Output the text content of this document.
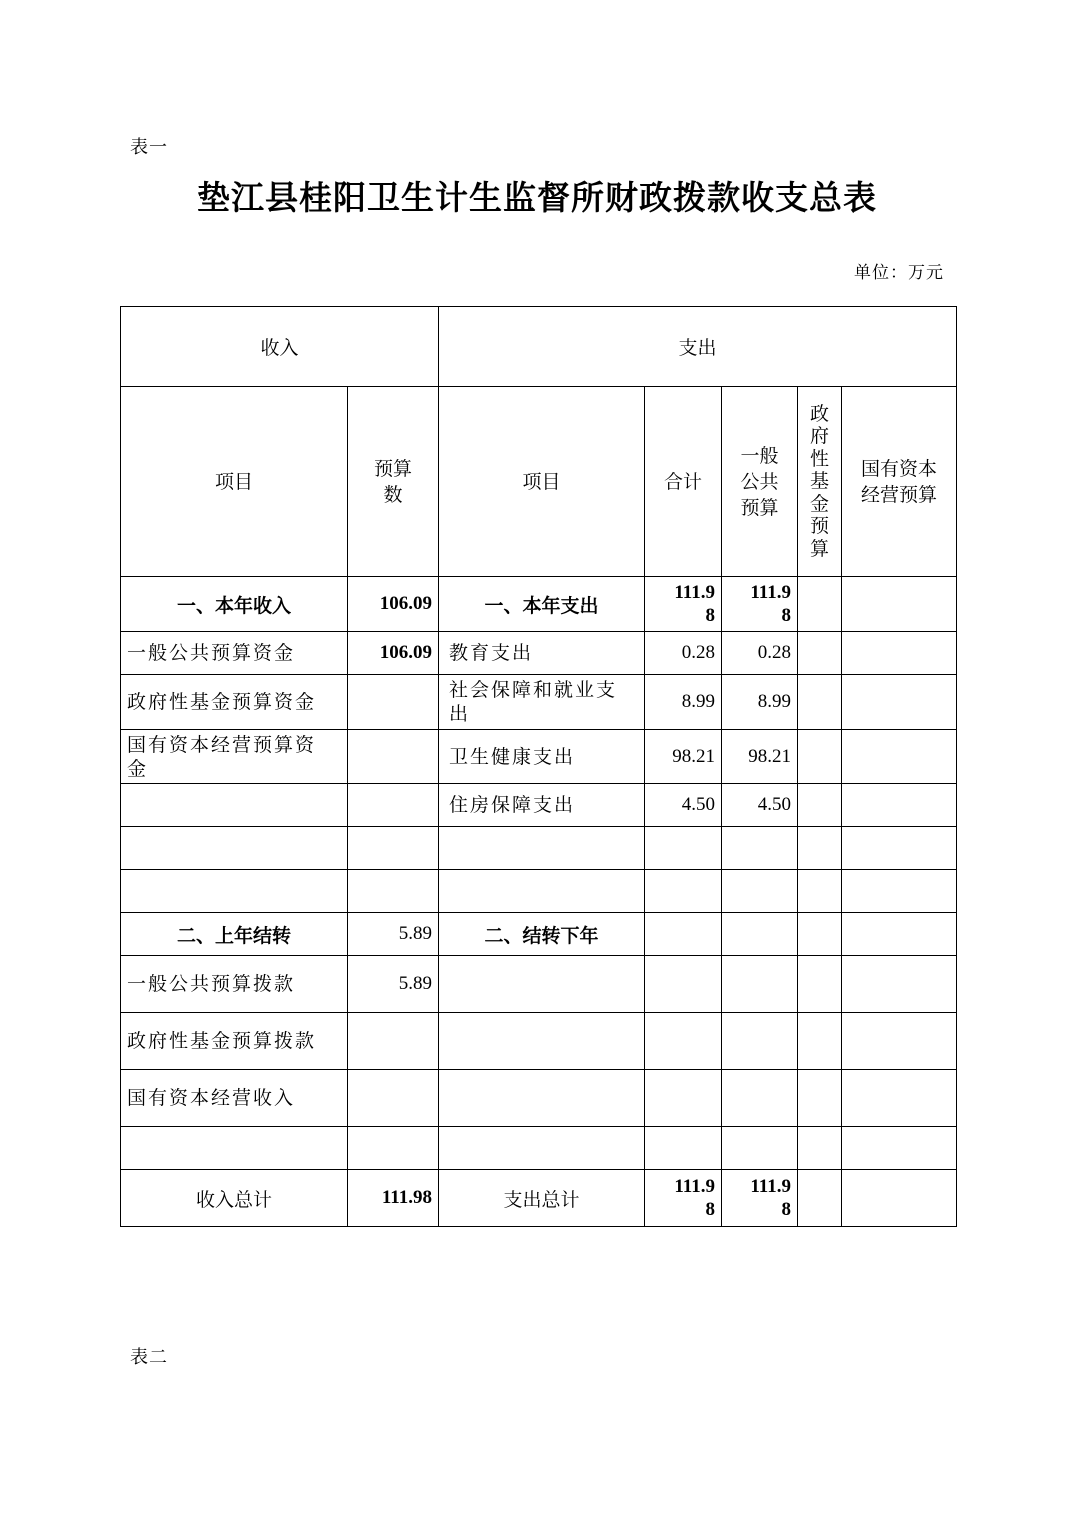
表一
垫江县桂阳卫生计生监督所财政拨款收支总表
单位：万元
收入		支出				
项目	预算数	项目	合计	一般公共预算	政府性基金预算	国有资本经营预算

一、本年收入	106.09	一、本年支出	111.98	111.98		

一般公共预算资金	106.09	教育支出	0.28	0.28		
政府性基金预算资金		社会保障和就业支出	8.99	8.99		

国有资本经营预算资金		卫生健康支出	98.21	98.21		
		住房保障支出	4.50	4.50		

二、上年结转	5.89	二、结转下年				
一般公共预算拨款	5.89					
政府性基金预算拨款						
国有资本经营收入						

收入总计	111.98	支出总计	111.98	111.98		

表二
